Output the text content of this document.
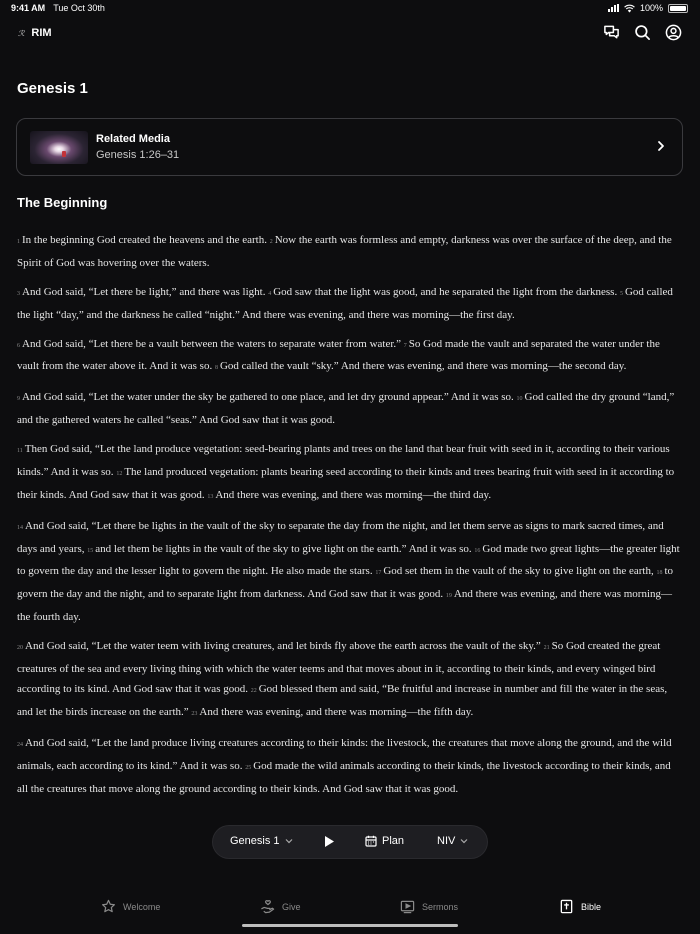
9:41 AM Tue Oct 30th	100%
ℛ RIM
Genesis 1
Related Media
Genesis 1:26–31
The Beginning

1 In the beginning God created the heavens and the earth. 2 Now the earth was formless and empty, darkness was over the surface of the deep, and the Spirit of God was hovering over the waters.

3 And God said, “Let there be light,” and there was light. 4 God saw that the light was good, and he separated the light from the darkness. 5 God called the light “day,” and the darkness he called “night.” And there was evening, and there was morning—the first day.

6 And God said, “Let there be a vault between the waters to separate water from water.” 7 So God made the vault and separated the water under the vault from the water above it. And it was so. 8 God called the vault “sky.” And there was evening, and there was morning—the second day.

9 And God said, “Let the water under the sky be gathered to one place, and let dry ground appear.” And it was so. 10 God called the dry ground “land,” and the gathered waters he called “seas.” And God saw that it was good.

11 Then God said, “Let the land produce vegetation: seed-bearing plants and trees on the land that bear fruit with seed in it, according to their various kinds.” And it was so. 12 The land produced vegetation: plants bearing seed according to their kinds and trees bearing fruit with seed in it according to their kinds. And God saw that it was good. 13 And there was evening, and there was morning—the third day.

14 And God said, “Let there be lights in the vault of the sky to separate the day from the night, and let them serve as signs to mark sacred times, and days and years, 15 and let them be lights in the vault of the sky to give light on the earth.” And it was so. 16 God made two great lights—the greater light to govern the day and the lesser light to govern the night. He also made the stars. 17 God set them in the vault of the sky to give light on the earth, 18 to govern the day and the night, and to separate light from darkness. And God saw that it was good. 19 And there was evening, and there was morning—the fourth day.

20 And God said, “Let the water teem with living creatures, and let birds fly above the earth across the vault of the sky.” 21 So God created the great creatures of the sea and every living thing with which the water teems and that moves about in it, according to their kinds, and every winged bird according to its kind. And God saw that it was good. 22 God blessed them and said, “Be fruitful and increase in number and fill the water in the seas, and let the birds increase on the earth.” 23 And there was evening, and there was morning—the fifth day.

24 And God said, “Let the land produce living creatures according to their kinds: the livestock, the creatures that move along the ground, and the wild animals, each according to its kind.” And it was so. 25 God made the wild animals according to their kinds, the livestock according to their kinds, and all the creatures that move along the ground according to their kinds. And God saw that it was good.

Genesis 1	Plan	NIV
Welcome	Give	Sermons	Bible
